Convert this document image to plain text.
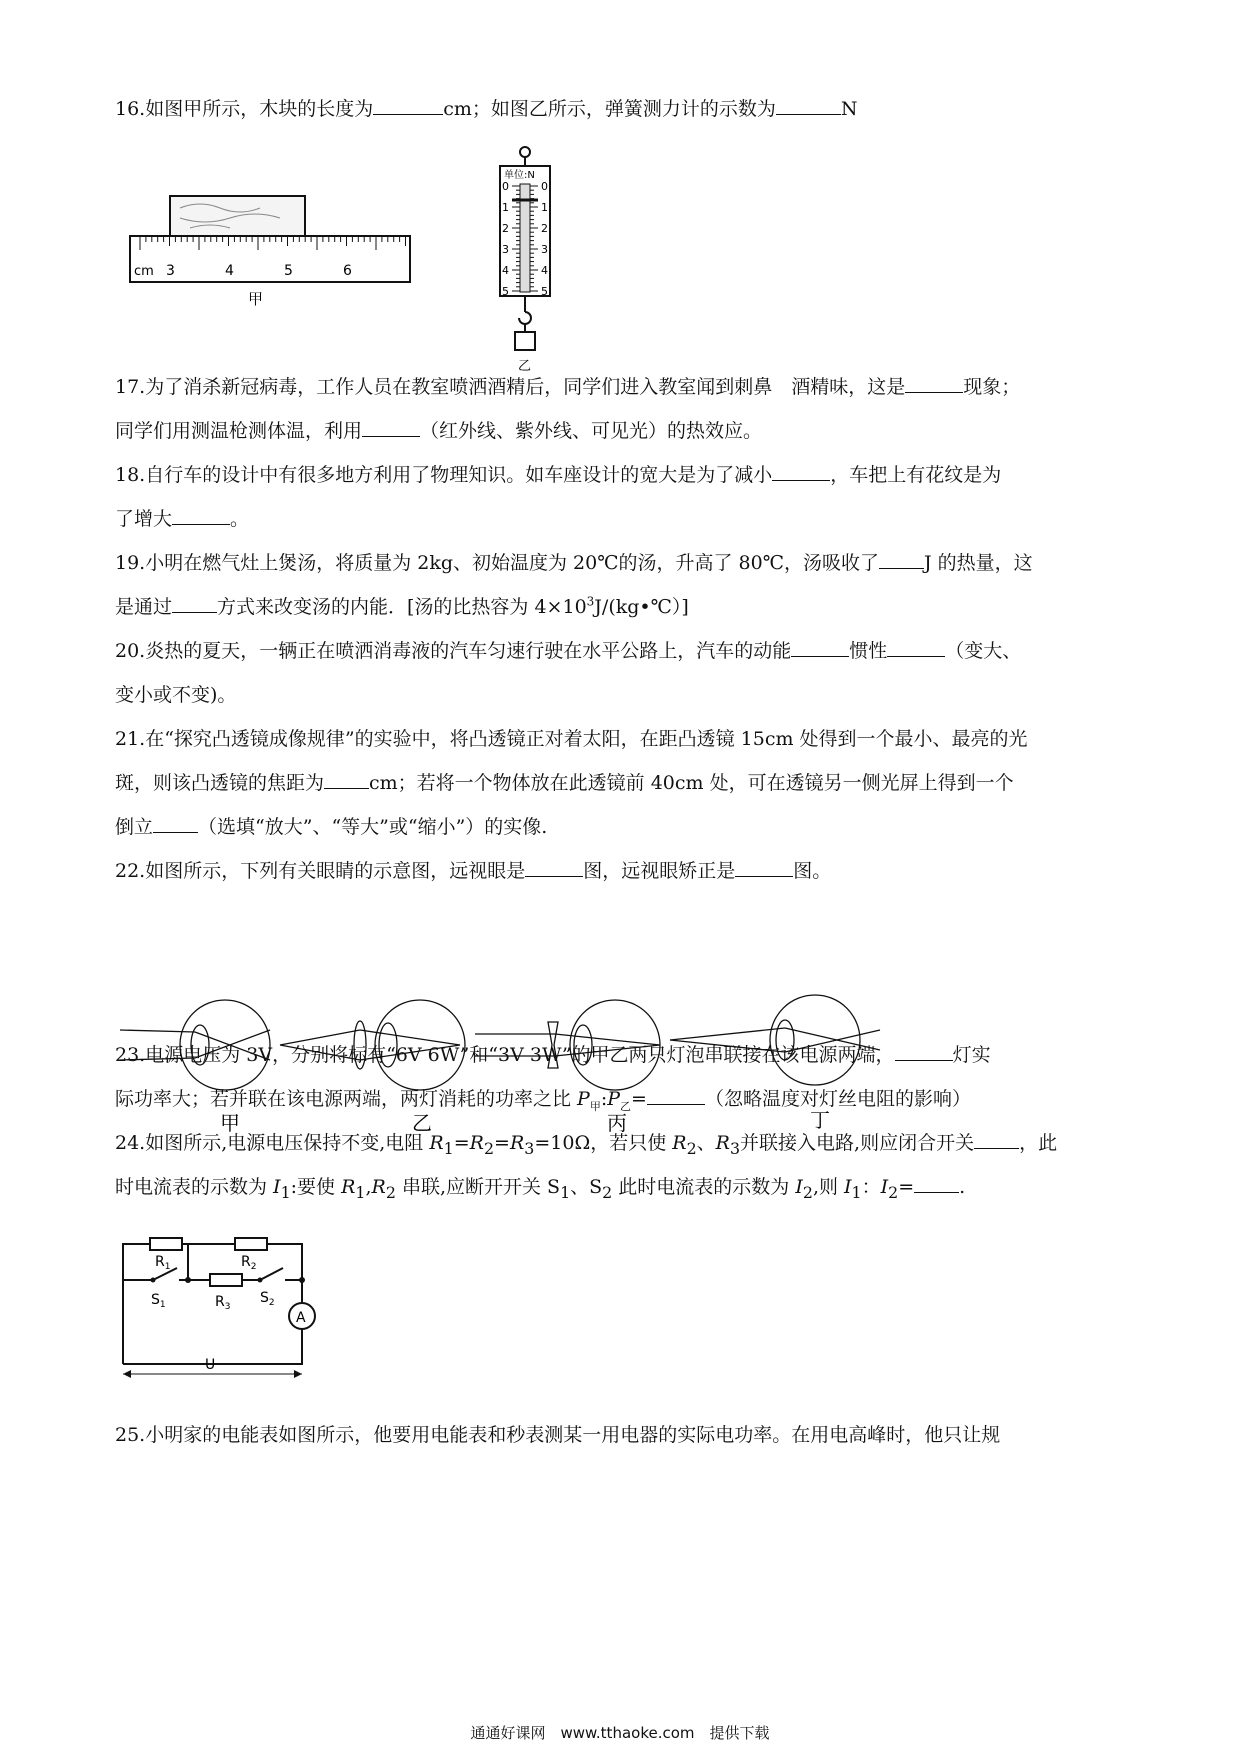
16.如图甲所示，木块的长度为	cm；如图乙所示，弹簧测力计的示数为	N
cm 3	4	5	6
甲
单位:N
0	0
1	1
2	2
3	3
4	4
5	5
乙
17.为了消杀新冠病毒，工作人员在教室喷洒酒精后，同学们进入教室闻到刺鼻　酒精味，这是	现象；
同学们用测温枪测体温，利用	（红外线、紫外线、可见光）的热效应。
18.自行车的设计中有很多地方利用了物理知识。如车座设计的宽大是为了减小	，车把上有花纹是为
了增大	。
19.小明在燃气灶上煲汤，将质量为 2kg、初始温度为 20℃的汤，升高了 80℃，汤吸收了 J 的热量，这
是通过 方式来改变汤的内能．[汤的比热容为 $4\times 10^3J/(kg•℃)$]
20.炎热的夏天，一辆正在喷洒消毒液的汽车匀速行驶在水平公路上，汽车的动能	惯性	（变大、
变小或不变)。
21.在“探究凸透镜成像规律”的实验中，将凸透镜正对着太阳，在距凸透镜 15cm 处得到一个最小、最亮的光
斑，则该凸透镜的焦距为 cm；若将一个物体放在此透镜前 40cm 处，可在透镜另一侧光屏上得到一个
倒立 （选填“放大”、“等大”或“缩小”）的实像.
22.如图所示，下列有关眼睛的示意图，远视眼是	图，远视眼矫正是	图。
甲	乙	丙	丁
23.电源电压为 3V，分别将标有“6V 6W”和“3V 3W”的甲乙两只灯泡串联接在该电源两端，	灯实
际功率大；若并联在该电源两端，两灯消耗的功率之比 $P_甲:P_乙=$	（忽略温度对灯丝电阻的影响）
24.如图所示,电源电压保持不变,电阻 $R_1=R_2=R_3=10\Omega$，若只使 $R_2$、$R_3$并联接入电路,则应闭合开关 ，此
时电流表的示数为 $I_1$:要使 $R_1,R_2$ 串联,应断开开关 $S_1$、$S_2$ 此时电流表的示数为 $I_2$,则 $I_1$：$I_2=$ .
$R_1$	$R_2$
$R_3$
$S_1$	$S_2$
A
U
25.小明家的电能表如图所示，他要用电能表和秒表测某一用电器的实际电功率。在用电高峰时，他只让规
通通好课网　www.tthaoke.com　提供下载
